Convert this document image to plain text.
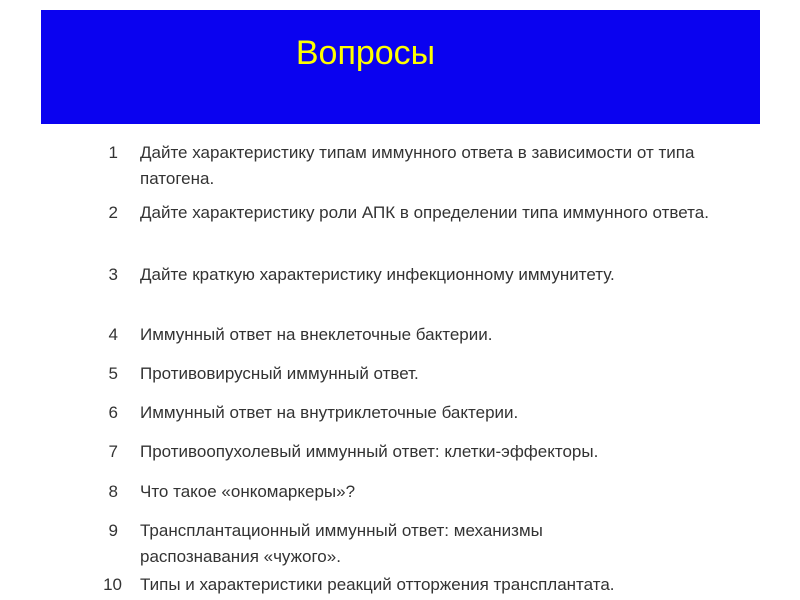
Вопросы
1 Дайте характеристику типам иммунного ответа в зависимости от типа патогена.
2 Дайте характеристику роли АПК в определении типа иммунного ответа.
3 Дайте краткую характеристику инфекционному иммунитету.
4 Иммунный ответ на внеклеточные бактерии.
5 Противовирусный иммунный ответ.
6 Иммунный ответ на внутриклеточные бактерии.
7 Противоопухолевый иммунный ответ: клетки-эффекторы.
8 Что такое «онкомаркеры»?
9 Трансплантационный иммунный ответ: механизмы распознавания «чужого».
10 Типы и характеристики реакций отторжения трансплантата.
